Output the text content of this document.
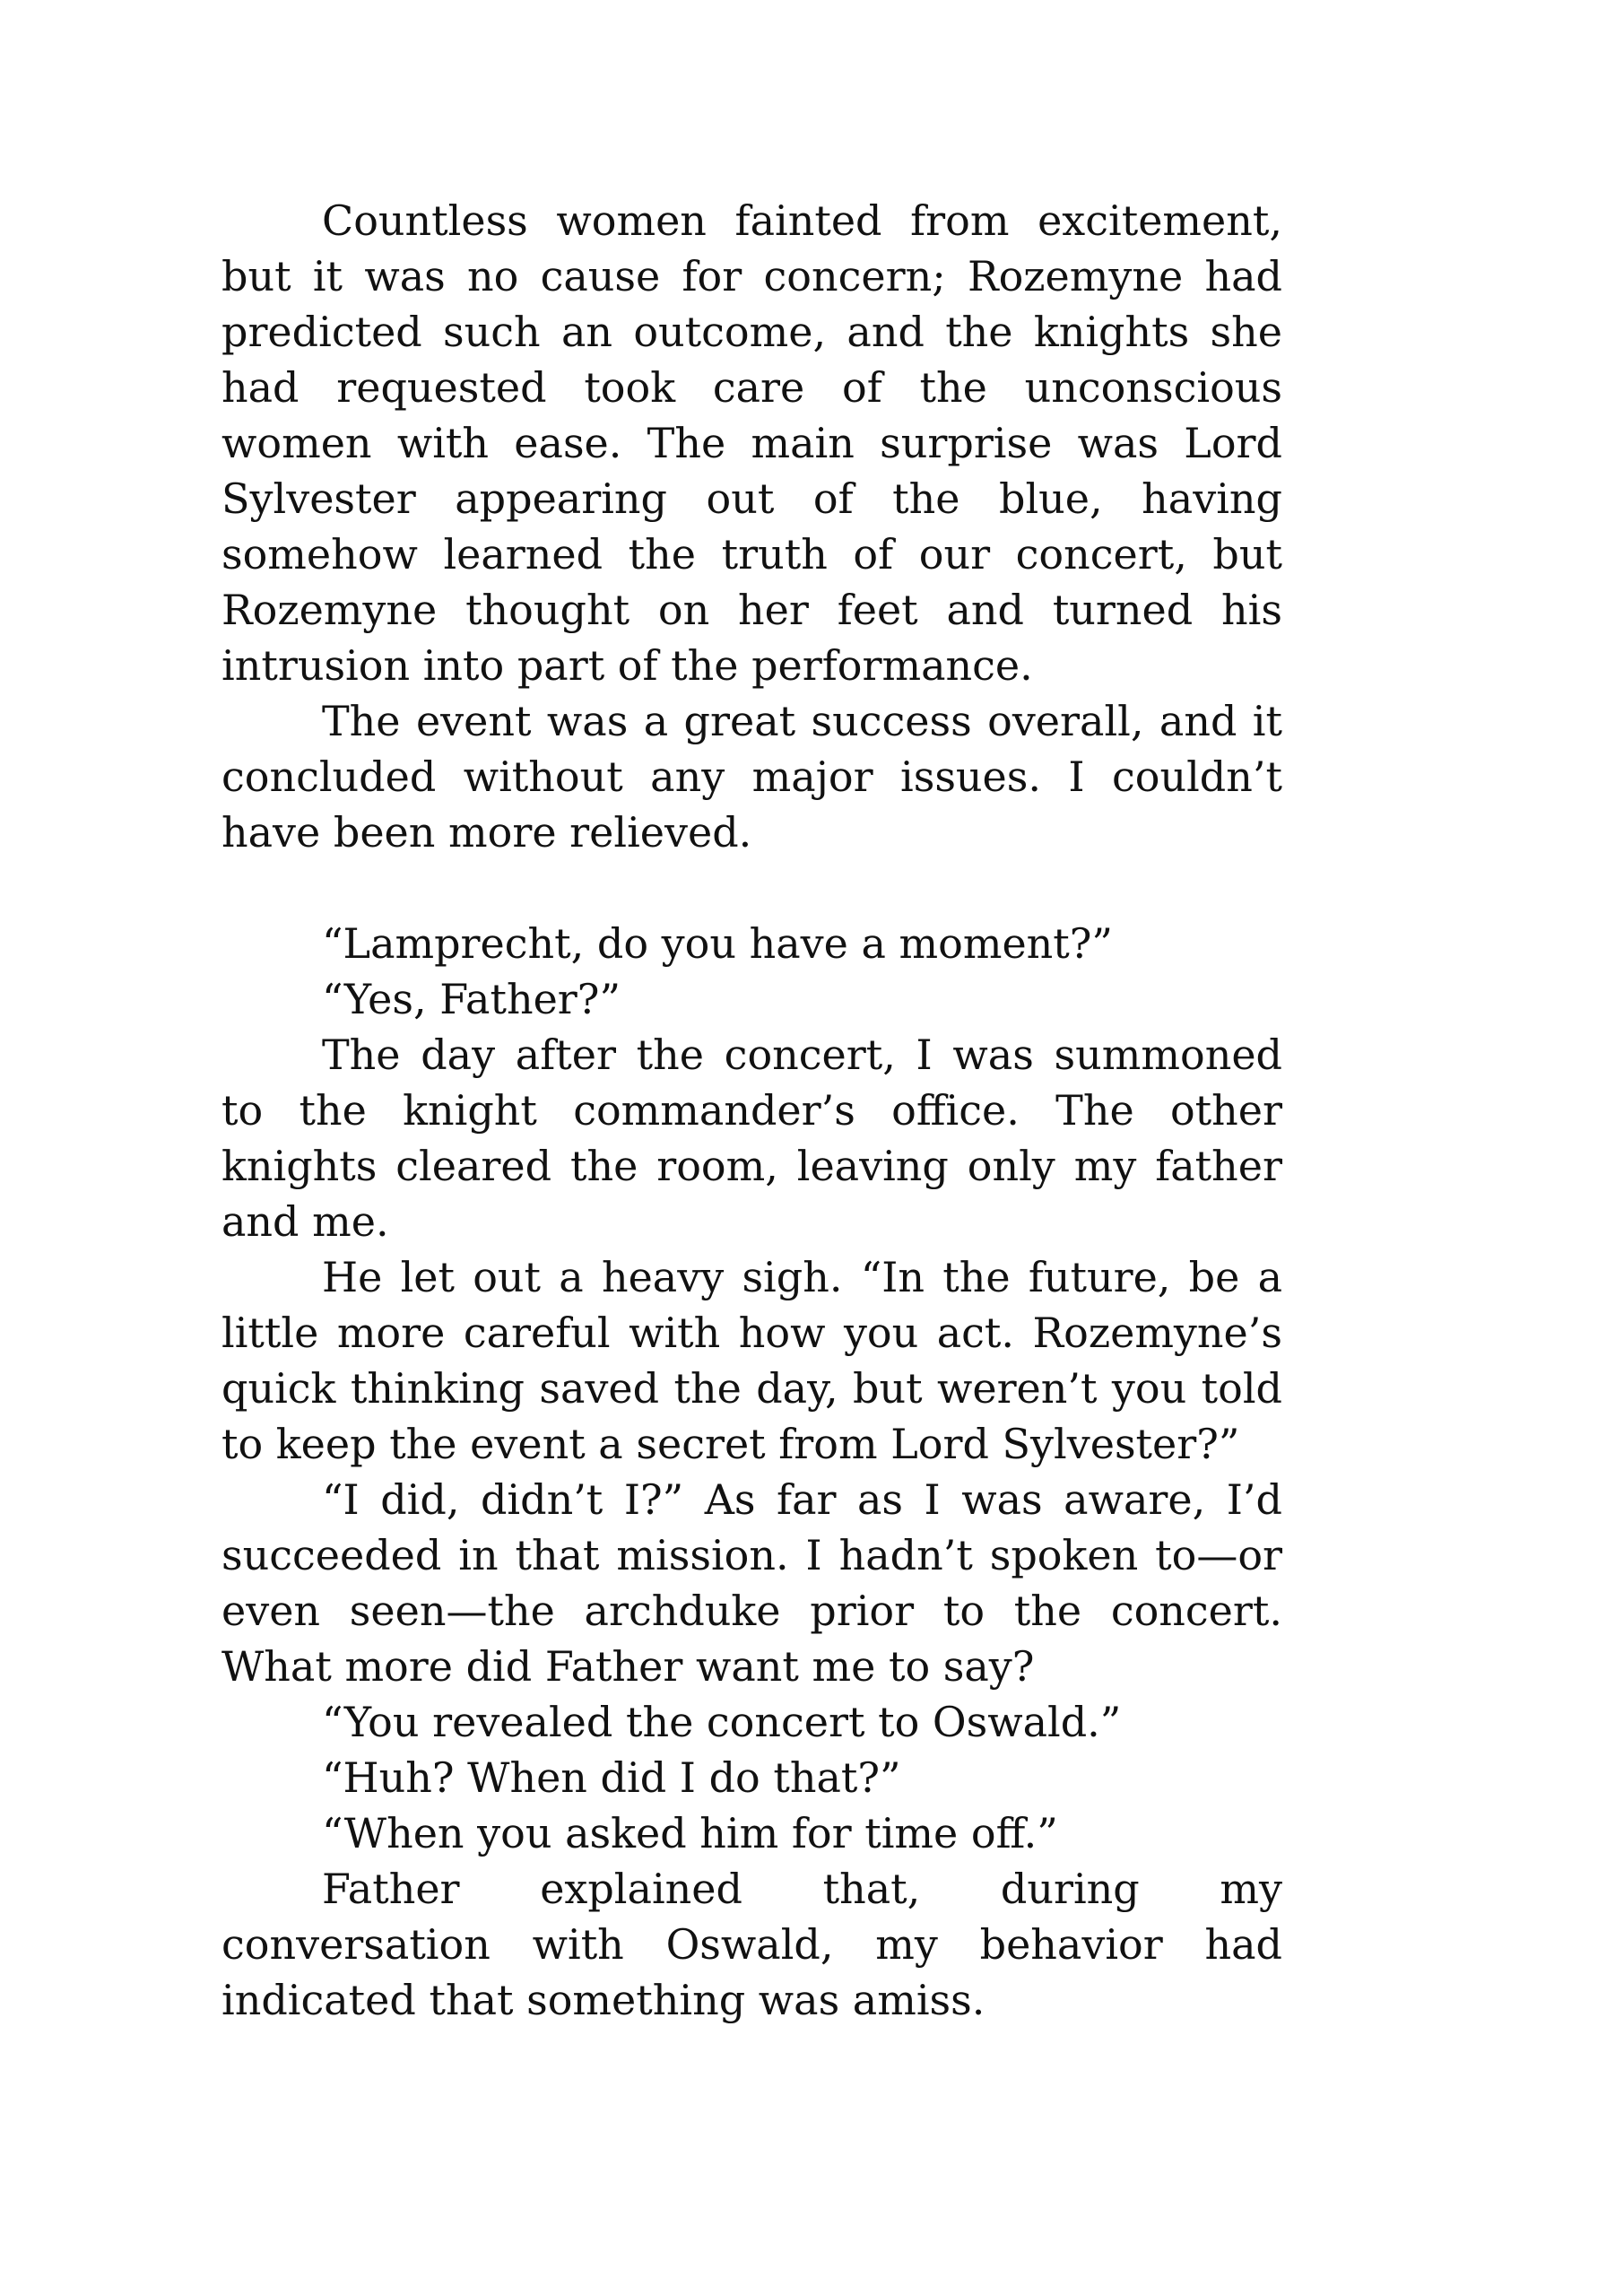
Countless women fainted from excitement, but it was no cause for concern; Rozemyne had predicted such an outcome, and the knights she had requested took care of the unconscious women with ease. The main surprise was Lord Sylvester appearing out of the blue, having somehow learned the truth of our concert, but Rozemyne thought on her feet and turned his intrusion into part of the performance.

The event was a great success overall, and it concluded without any major issues. I couldn’t have been more relieved.

“Lamprecht, do you have a moment?”

“Yes, Father?”

The day after the concert, I was summoned to the knight commander’s office. The other knights cleared the room, leaving only my father and me.

He let out a heavy sigh. “In the future, be a little more careful with how you act. Rozemyne’s quick thinking saved the day, but weren’t you told to keep the event a secret from Lord Sylvester?”

“I did, didn’t I?” As far as I was aware, I’d succeeded in that mission. I hadn’t spoken to—or even seen—the archduke prior to the concert. What more did Father want me to say?

“You revealed the concert to Oswald.”

“Huh? When did I do that?”

“When you asked him for time off.”

Father explained that, during my conversation with Oswald, my behavior had indicated that something was amiss.
